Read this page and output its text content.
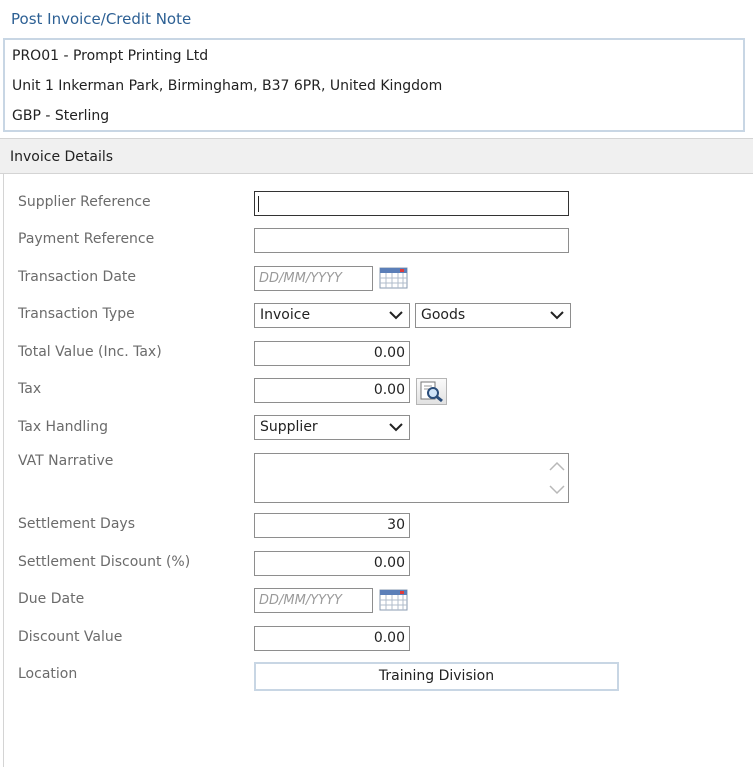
Post Invoice/Credit Note
PRO01 - Prompt Printing Ltd
Unit 1 Inkerman Park, Birmingham, B37 6PR, United Kingdom
GBP - Sterling
Invoice Details
Supplier Reference
Payment Reference
Transaction Date	DD/MM/YYYY
Transaction Type	Invoice	Goods
Total Value (Inc. Tax)	0.00
Tax	0.00
Tax Handling	Supplier
VAT Narrative
Settlement Days	30
Settlement Discount (%)	0.00
Due Date	DD/MM/YYYY
Discount Value	0.00
Location	Training Division
